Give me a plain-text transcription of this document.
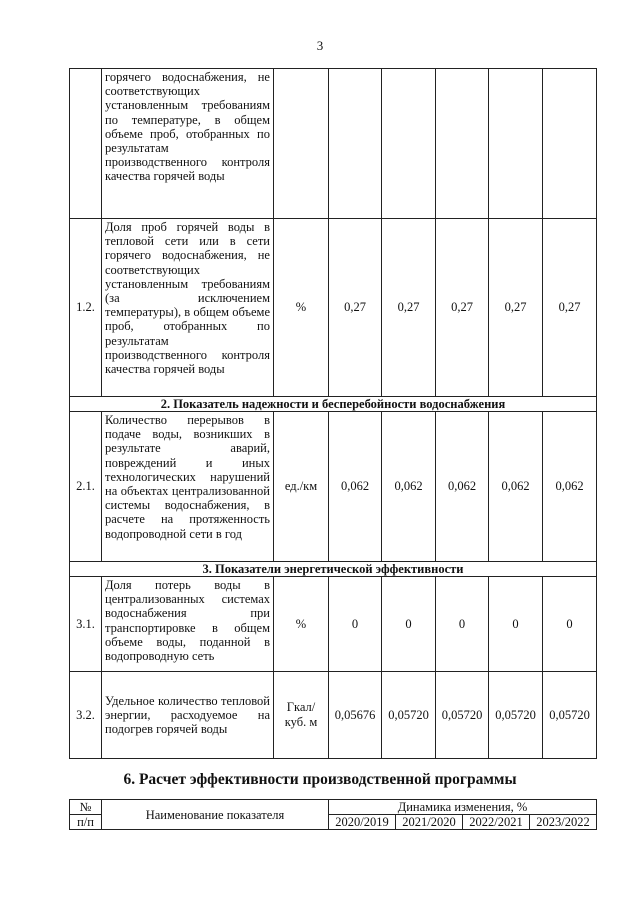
3
	горячего водоснабжения, не соответствующих установленным требованиям по температуре, в общем объеме проб, отобранных по результатам производственного контроля качества горячей воды						
1.2.	Доля проб горячей воды в тепловой сети или в сети горячего водоснабжения, не соответствующих установленным требованиям (за исключением температуры), в общем объеме проб, отобранных по результатам производственного контроля качества горячей воды	%	0,27	0,27	0,27	0,27	0,27
2. Показатель надежности и бесперебойности водоснабжения							
2.1.	Количество перерывов в подаче воды, возникших в результате аварий, повреждений и иных технологических нарушений на объектах централизованной системы водоснабжения, в расчете на протяженность водопроводной сети в год	ед./км	0,062	0,062	0,062	0,062	0,062
3. Показатели энергетической эффективности							
3.1.	Доля потерь воды в централизованных системах водоснабжения при транспортировке в общем объеме воды, поданной в водопроводную сеть	%	0	0	0	0	0
3.2.	Удельное количество тепловой энергии, расходуемое на подогрев горячей воды	Гкал/ куб. м	0,05676	0,05720	0,05720	0,05720	0,05720
6. Расчет эффективности производственной программы
№	Наименование показателя	Динамика изменения, %			
п/п		2020/2019	2021/2020	2022/2021	2023/2022
